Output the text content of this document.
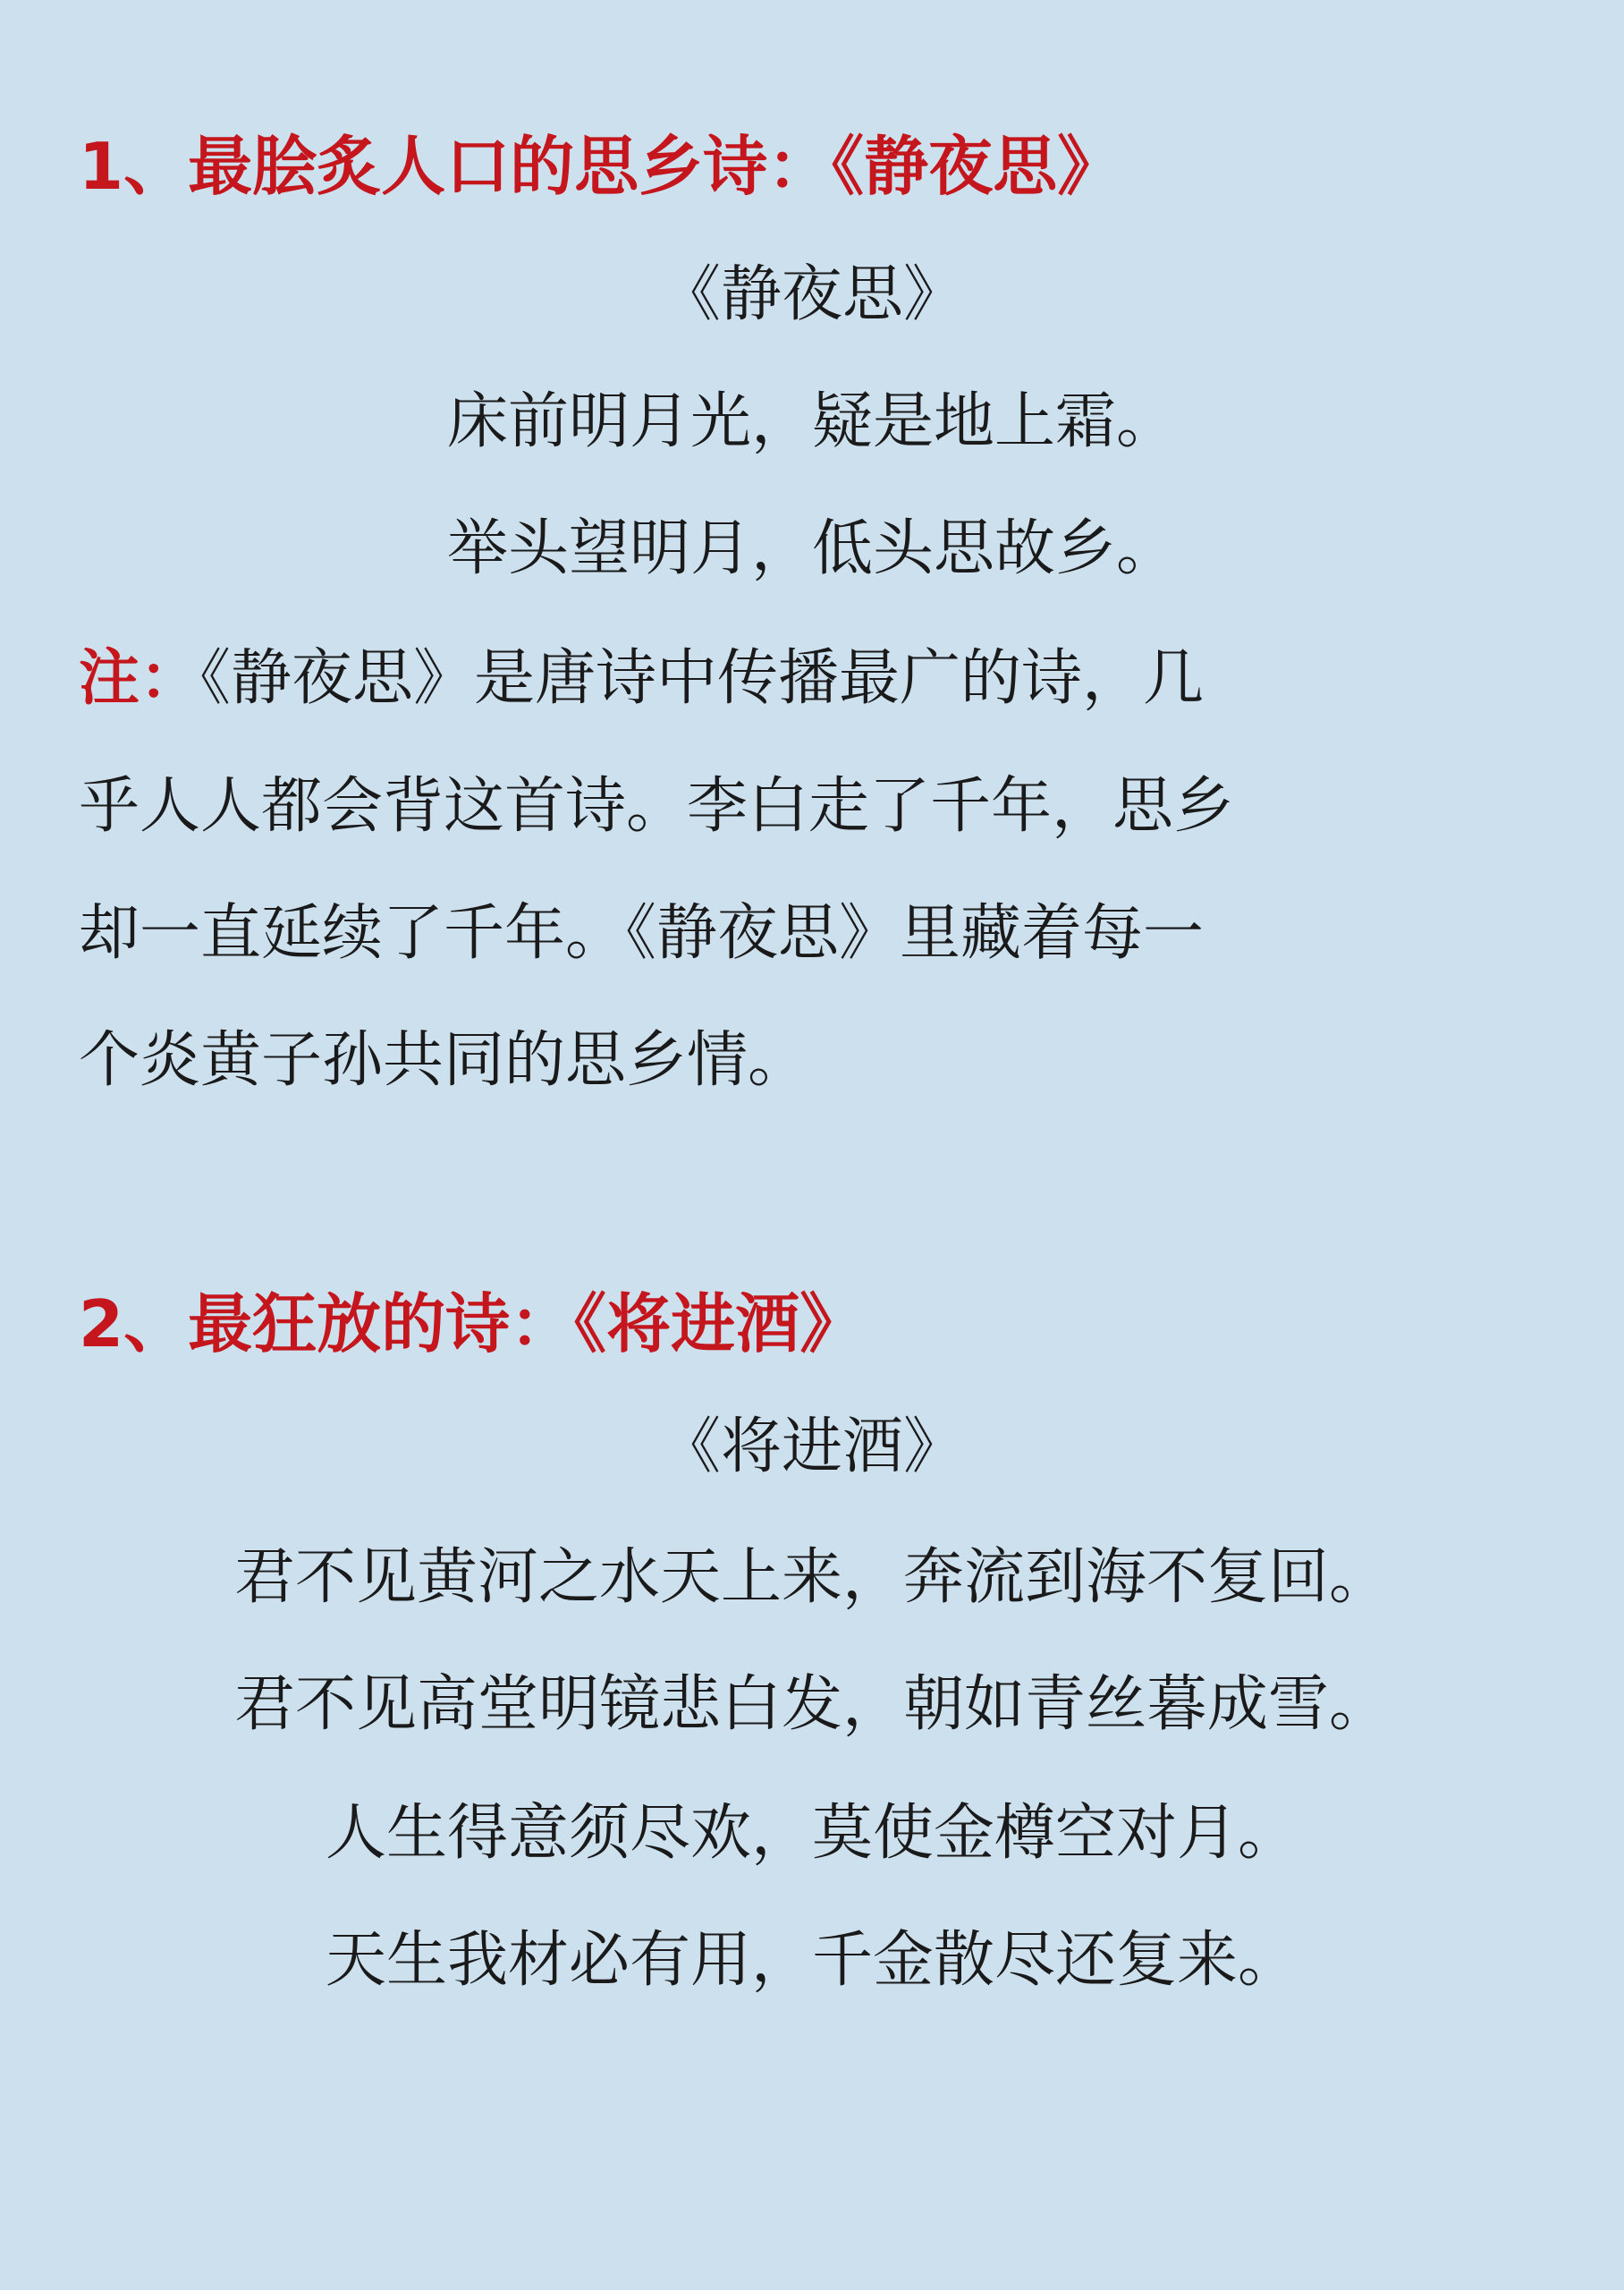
1、最脍炙人口的思乡诗：《静夜思》
《静夜思》
床前明月光，疑是地上霜。
举头望明月，低头思故乡。
注：《静夜思》是唐诗中传播最广的诗，几
乎人人都会背这首诗。李白走了千年，思乡
却一直延续了千年。《静夜思》里藏着每一
个炎黄子孙共同的思乡情。
2、最狂放的诗：《将进酒》
《将进酒》
君不见黄河之水天上来，奔流到海不复回。
君不见高堂明镜悲白发，朝如青丝暮成雪。
人生得意须尽欢，莫使金樽空对月。
天生我材必有用，千金散尽还复来。
